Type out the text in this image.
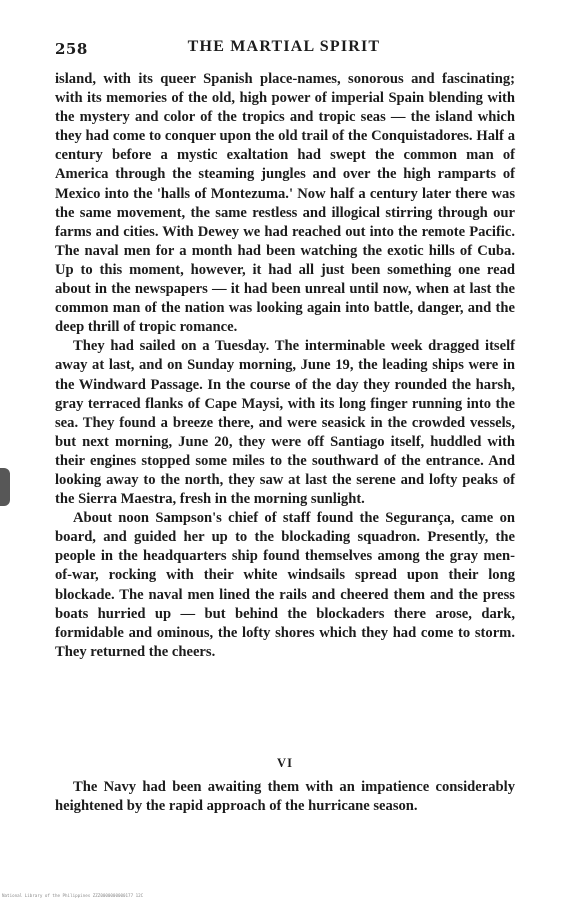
258	THE MARTIAL SPIRIT

island, with its queer Spanish place-names, sonorous and fascinating; with its memories of the old, high power of imperial Spain blending with the mystery and color of the tropics and tropic seas — the island which they had come to conquer upon the old trail of the Conquistadores. Half a century before a mystic exaltation had swept the common man of America through the steaming jungles and over the high ramparts of Mexico into the 'halls of Montezuma.' Now half a century later there was the same movement, the same restless and illogical stirring through our farms and cities. With Dewey we had reached out into the remote Pacific. The naval men for a month had been watching the exotic hills of Cuba. Up to this moment, however, it had all just been something one read about in the newspapers — it had been unreal until now, when at last the common man of the nation was looking again into battle, danger, and the deep thrill of tropic romance.

They had sailed on a Tuesday. The interminable week dragged itself away at last, and on Sunday morning, June 19, the leading ships were in the Windward Passage. In the course of the day they rounded the harsh, gray terraced flanks of Cape Maysi, with its long finger running into the sea. They found a breeze there, and were seasick in the crowded vessels, but next morning, June 20, they were off Santiago itself, huddled with their engines stopped some miles to the southward of the entrance. And looking away to the north, they saw at last the serene and lofty peaks of the Sierra Maestra, fresh in the morning sunlight.

About noon Sampson's chief of staff found the Segurança, came on board, and guided her up to the blockading squadron. Presently, the people in the headquarters ship found themselves among the gray men-of-war, rocking with their white windsails spread upon their long blockade. The naval men lined the rails and cheered them and the press boats hurried up — but behind the blockaders there arose, dark, formidable and ominous, the lofty shores which they had come to storm. They returned the cheers.

VI

The Navy had been awaiting them with an impatience considerably heightened by the rapid approach of the hurricane season.

National Library of the Philippines ZZZ0000000000177 12C
